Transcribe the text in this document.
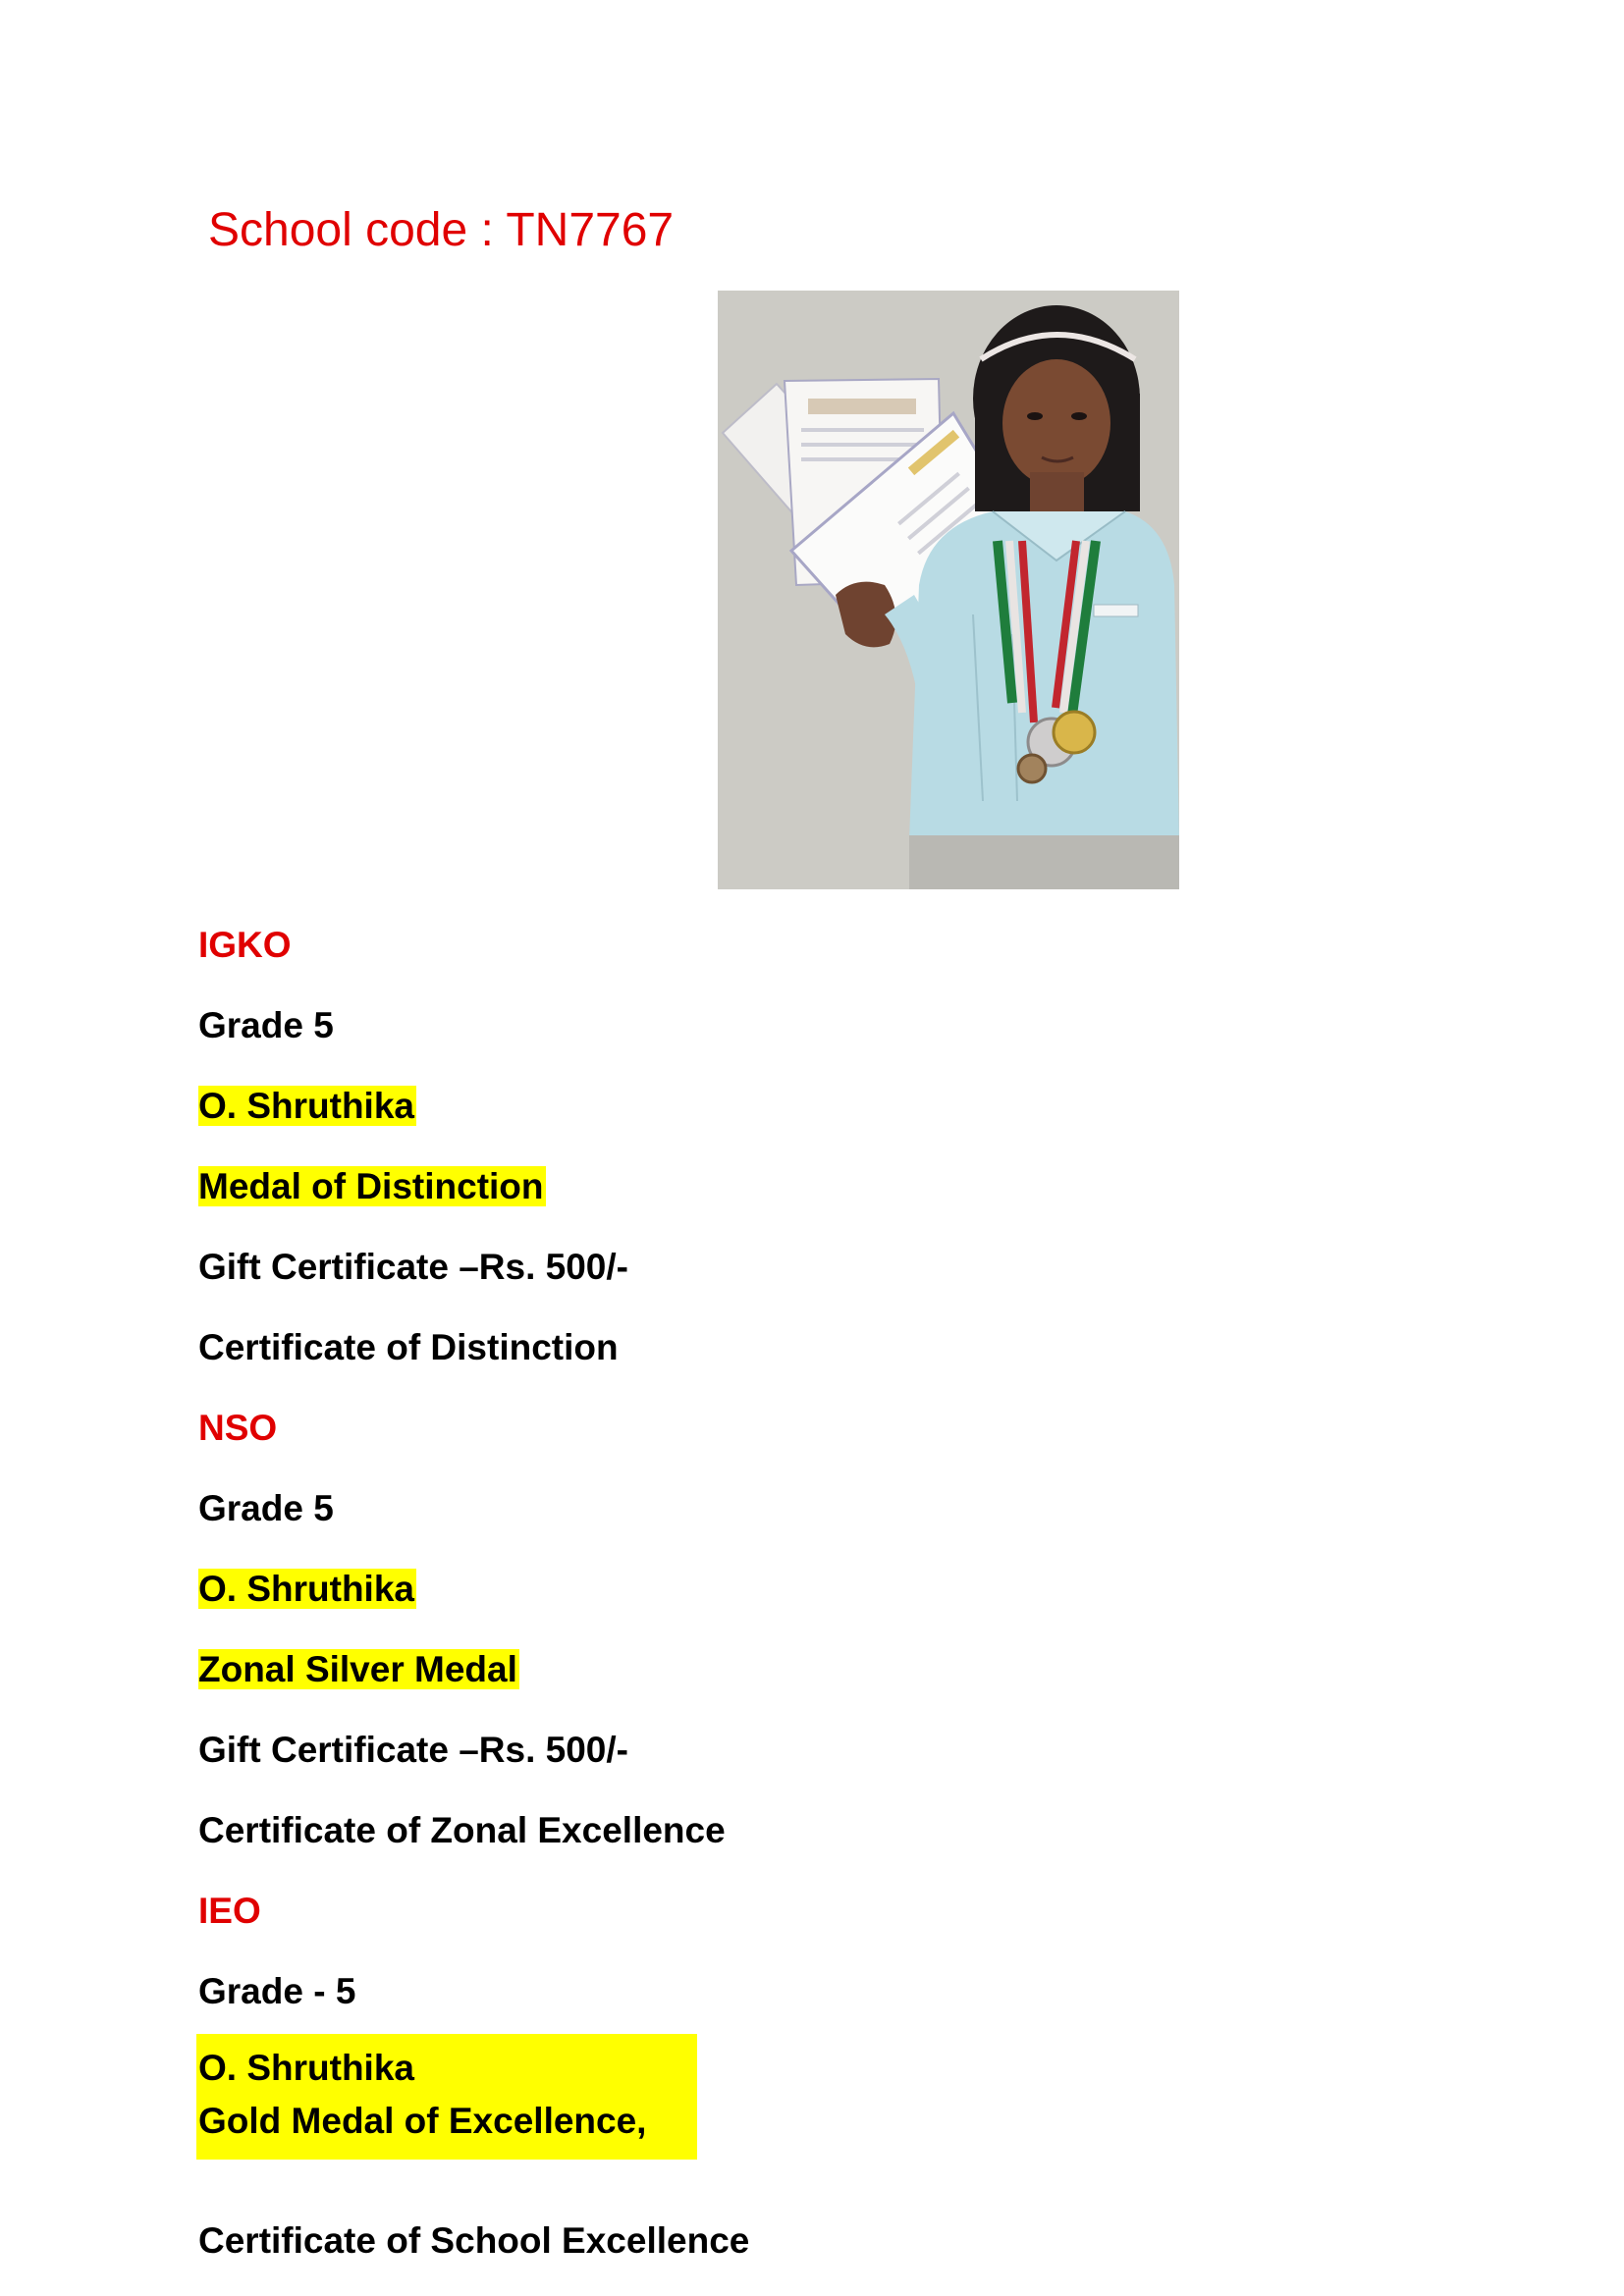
School code : TN7767
IGKO
Grade 5
O. Shruthika
Medal of Distinction
Gift Certificate –Rs. 500/-
Certificate of Distinction
NSO
Grade 5
O. Shruthika
Zonal Silver Medal
Gift Certificate –Rs. 500/-
Certificate of Zonal Excellence
IEO
Grade - 5
O. Shruthika
Gold Medal of Excellence,
Certificate of School Excellence
